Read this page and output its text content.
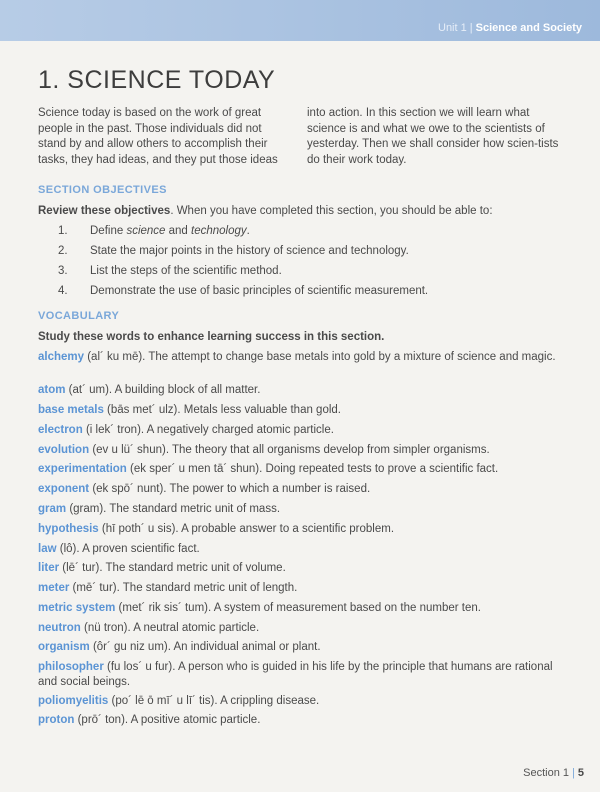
Unit 1 | Science and Society
1. SCIENCE TODAY
Science today is based on the work of great people in the past. Those individuals did not stand by and allow others to accomplish their tasks, they had ideas, and they put those ideas
into action. In this section we will learn what science is and what we owe to the scientists of yesterday. Then we shall consider how scien-tists do their work today.
SECTION OBJECTIVES
Review these objectives. When you have completed this section, you should be able to:
1. Define science and technology.
2. State the major points in the history of science and technology.
3. List the steps of the scientific method.
4. Demonstrate the use of basic principles of scientific measurement.
VOCABULARY
Study these words to enhance learning success in this section.
alchemy (al´ ku mē). The attempt to change base metals into gold by a mixture of science and magic.
atom (at´ um). A building block of all matter.
base metals (bās met´ ulz). Metals less valuable than gold.
electron (i lek´ tron). A negatively charged atomic particle.
evolution (ev u lü´ shun). The theory that all organisms develop from simpler organisms.
experimentation (ek sper´ u men tā´ shun). Doing repeated tests to prove a scientific fact.
exponent (ek spō´ nunt). The power to which a number is raised.
gram (gram). The standard metric unit of mass.
hypothesis (hī poth´ u sis). A probable answer to a scientific problem.
law (lô). A proven scientific fact.
liter (lē´ tur). The standard metric unit of volume.
meter (mē´ tur). The standard metric unit of length.
metric system (met´ rik sis´ tum). A system of measurement based on the number ten.
neutron (nü tron). A neutral atomic particle.
organism (ôr´ gu niz um). An individual animal or plant.
philosopher (fu los´ u fur). A person who is guided in his life by the principle that humans are rational and social beings.
poliomyelitis (po´ lē ō mī´ u lī´ tis). A crippling disease.
proton (prō´ ton). A positive atomic particle.
Section 1 | 5
